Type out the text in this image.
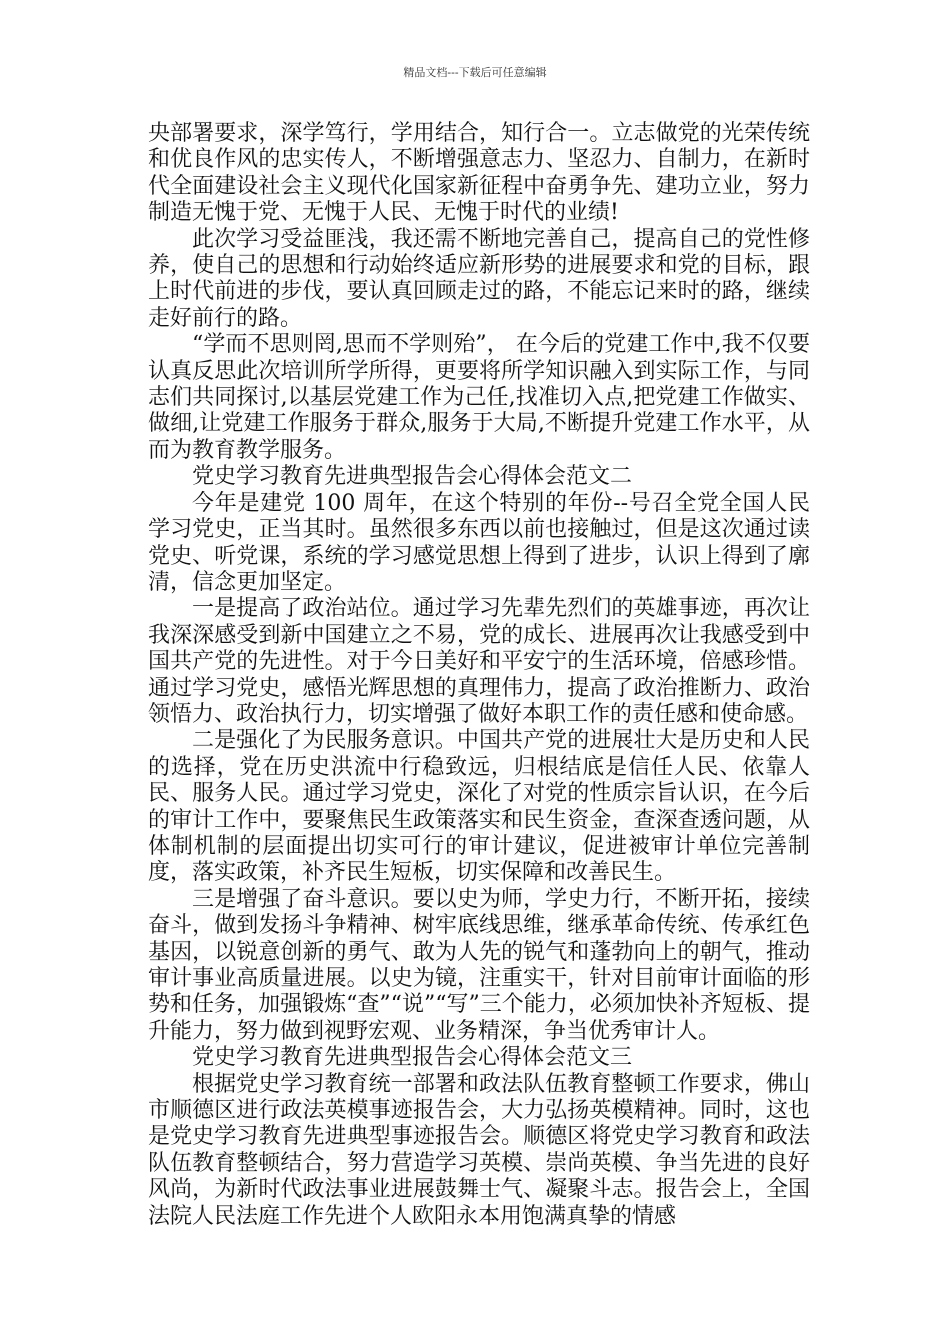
精品文档---下载后可任意编辑

央部署要求，深学笃行，学用结合，知行合一。立志做党的光荣传统和优良作风的忠实传人，不断增强意志力、坚忍力、自制力，在新时代全面建设社会主义现代化国家新征程中奋勇争先、建功立业，努力制造无愧于党、无愧于人民、无愧于时代的业绩!

此次学习受益匪浅，我还需不断地完善自己，提高自己的党性修养，使自己的思想和行动始终适应新形势的进展要求和党的目标，跟上时代前进的步伐，要认真回顾走过的路，不能忘记来时的路，继续走好前行的路。

“学而不思则罔,思而不学则殆”， 在今后的党建工作中,我不仅要认真反思此次培训所学所得，更要将所学知识融入到实际工作，与同志们共同探讨,以基层党建工作为己任,找准切入点,把党建工作做实、做细,让党建工作服务于群众,服务于大局,不断提升党建工作水平，从而为教育教学服务。

党史学习教育先进典型报告会心得体会范文二

今年是建党 100 周年，在这个特别的年份--号召全党全国人民学习党史，正当其时。虽然很多东西以前也接触过，但是这次通过读党史、听党课，系统的学习感觉思想上得到了进步，认识上得到了廓清，信念更加坚定。

一是提高了政治站位。通过学习先辈先烈们的英雄事迹，再次让我深深感受到新中国建立之不易，党的成长、进展再次让我感受到中国共产党的先进性。对于今日美好和平安宁的生活环境，倍感珍惜。通过学习党史，感悟光辉思想的真理伟力，提高了政治推断力、政治领悟力、政治执行力，切实增强了做好本职工作的责任感和使命感。

二是强化了为民服务意识。中国共产党的进展壮大是历史和人民的选择，党在历史洪流中行稳致远，归根结底是信任人民、依靠人民、服务人民。通过学习党史，深化了对党的性质宗旨认识，在今后的审计工作中，要聚焦民生政策落实和民生资金，查深查透问题，从体制机制的层面提出切实可行的审计建议，促进被审计单位完善制度，落实政策，补齐民生短板，切实保障和改善民生。

三是增强了奋斗意识。要以史为师，学史力行，不断开拓，接续奋斗，做到发扬斗争精神、树牢底线思维，继承革命传统、传承红色基因，以锐意创新的勇气、敢为人先的锐气和蓬勃向上的朝气，推动审计事业高质量进展。以史为镜，注重实干，针对目前审计面临的形势和任务，加强锻炼“查”“说”“写”三个能力，必须加快补齐短板、提升能力，努力做到视野宏观、业务精深，争当优秀审计人。

党史学习教育先进典型报告会心得体会范文三

根据党史学习教育统一部署和政法队伍教育整顿工作要求，佛山市顺德区进行政法英模事迹报告会，大力弘扬英模精神。同时，这也是党史学习教育先进典型事迹报告会。顺德区将党史学习教育和政法队伍教育整顿结合，努力营造学习英模、崇尚英模、争当先进的良好风尚，为新时代政法事业进展鼓舞士气、凝聚斗志。报告会上，全国法院人民法庭工作先进个人欧阳永本用饱满真挚的情感
